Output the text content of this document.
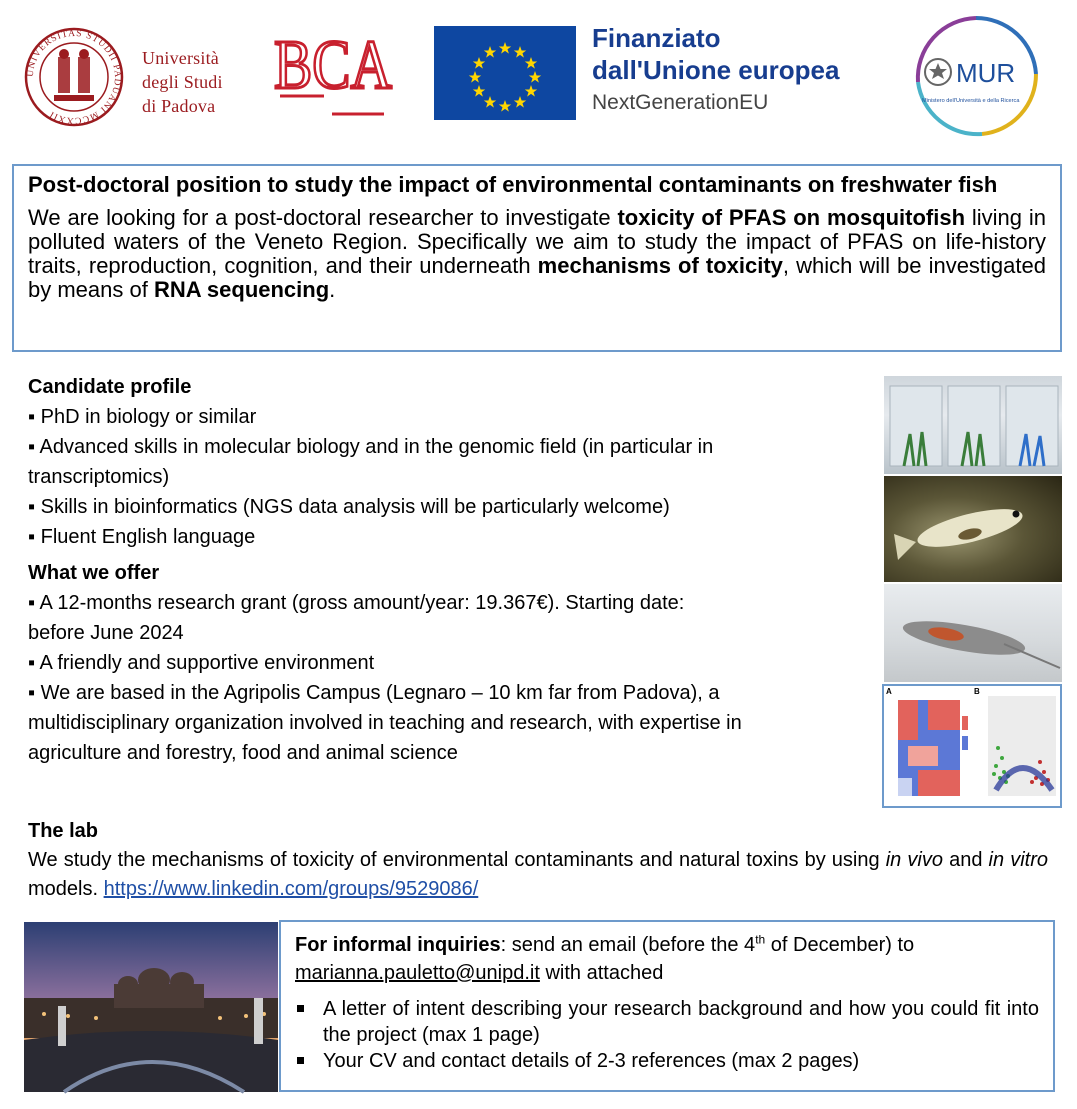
UNIVERSITAS STUDII PADUANI MCCXXII
Università
degli Studi
di Padova
BCA	Finanziato
dall'Unione europea
NextGenerationEU
MUR
Ministero dell'Università e della Ricerca
Post-doctoral position to study the impact of environmental contaminants on freshwater fish
We are looking for a post-doctoral researcher to investigate toxicity of PFAS on mosquitofish living in polluted waters of the Veneto Region. Specifically we aim to study the impact of PFAS on life-history traits, reproduction, cognition, and their underneath mechanisms of toxicity, which will be investigated by means of RNA sequencing.
Candidate profile
▪ PhD in biology or similar
▪ Advanced skills in molecular biology and in the genomic field (in particular in
transcriptomics)
▪ Skills in bioinformatics (NGS data analysis will be particularly welcome)
▪ Fluent English language
What we offer
▪ A 12-months research grant (gross amount/year: 19.367€). Starting date:
before June 2024
▪ A friendly and supportive environment
▪ We are based in the Agripolis Campus (Legnaro – 10 km far from Padova), a
multidisciplinary organization involved in teaching and research, with expertise in
agriculture and forestry, food and animal science
A	B
The lab
We study the mechanisms of toxicity of environmental contaminants and natural toxins by using in vivo and in vitro models. https://www.linkedin.com/groups/9529086/
For informal inquiries: send an email (before the 4th of December) to
marianna.pauletto@unipd.it with attached
A letter of intent describing your research background and how you could fit into the project (max 1 page)
Your CV and contact details of 2-3 references (max 2 pages)
